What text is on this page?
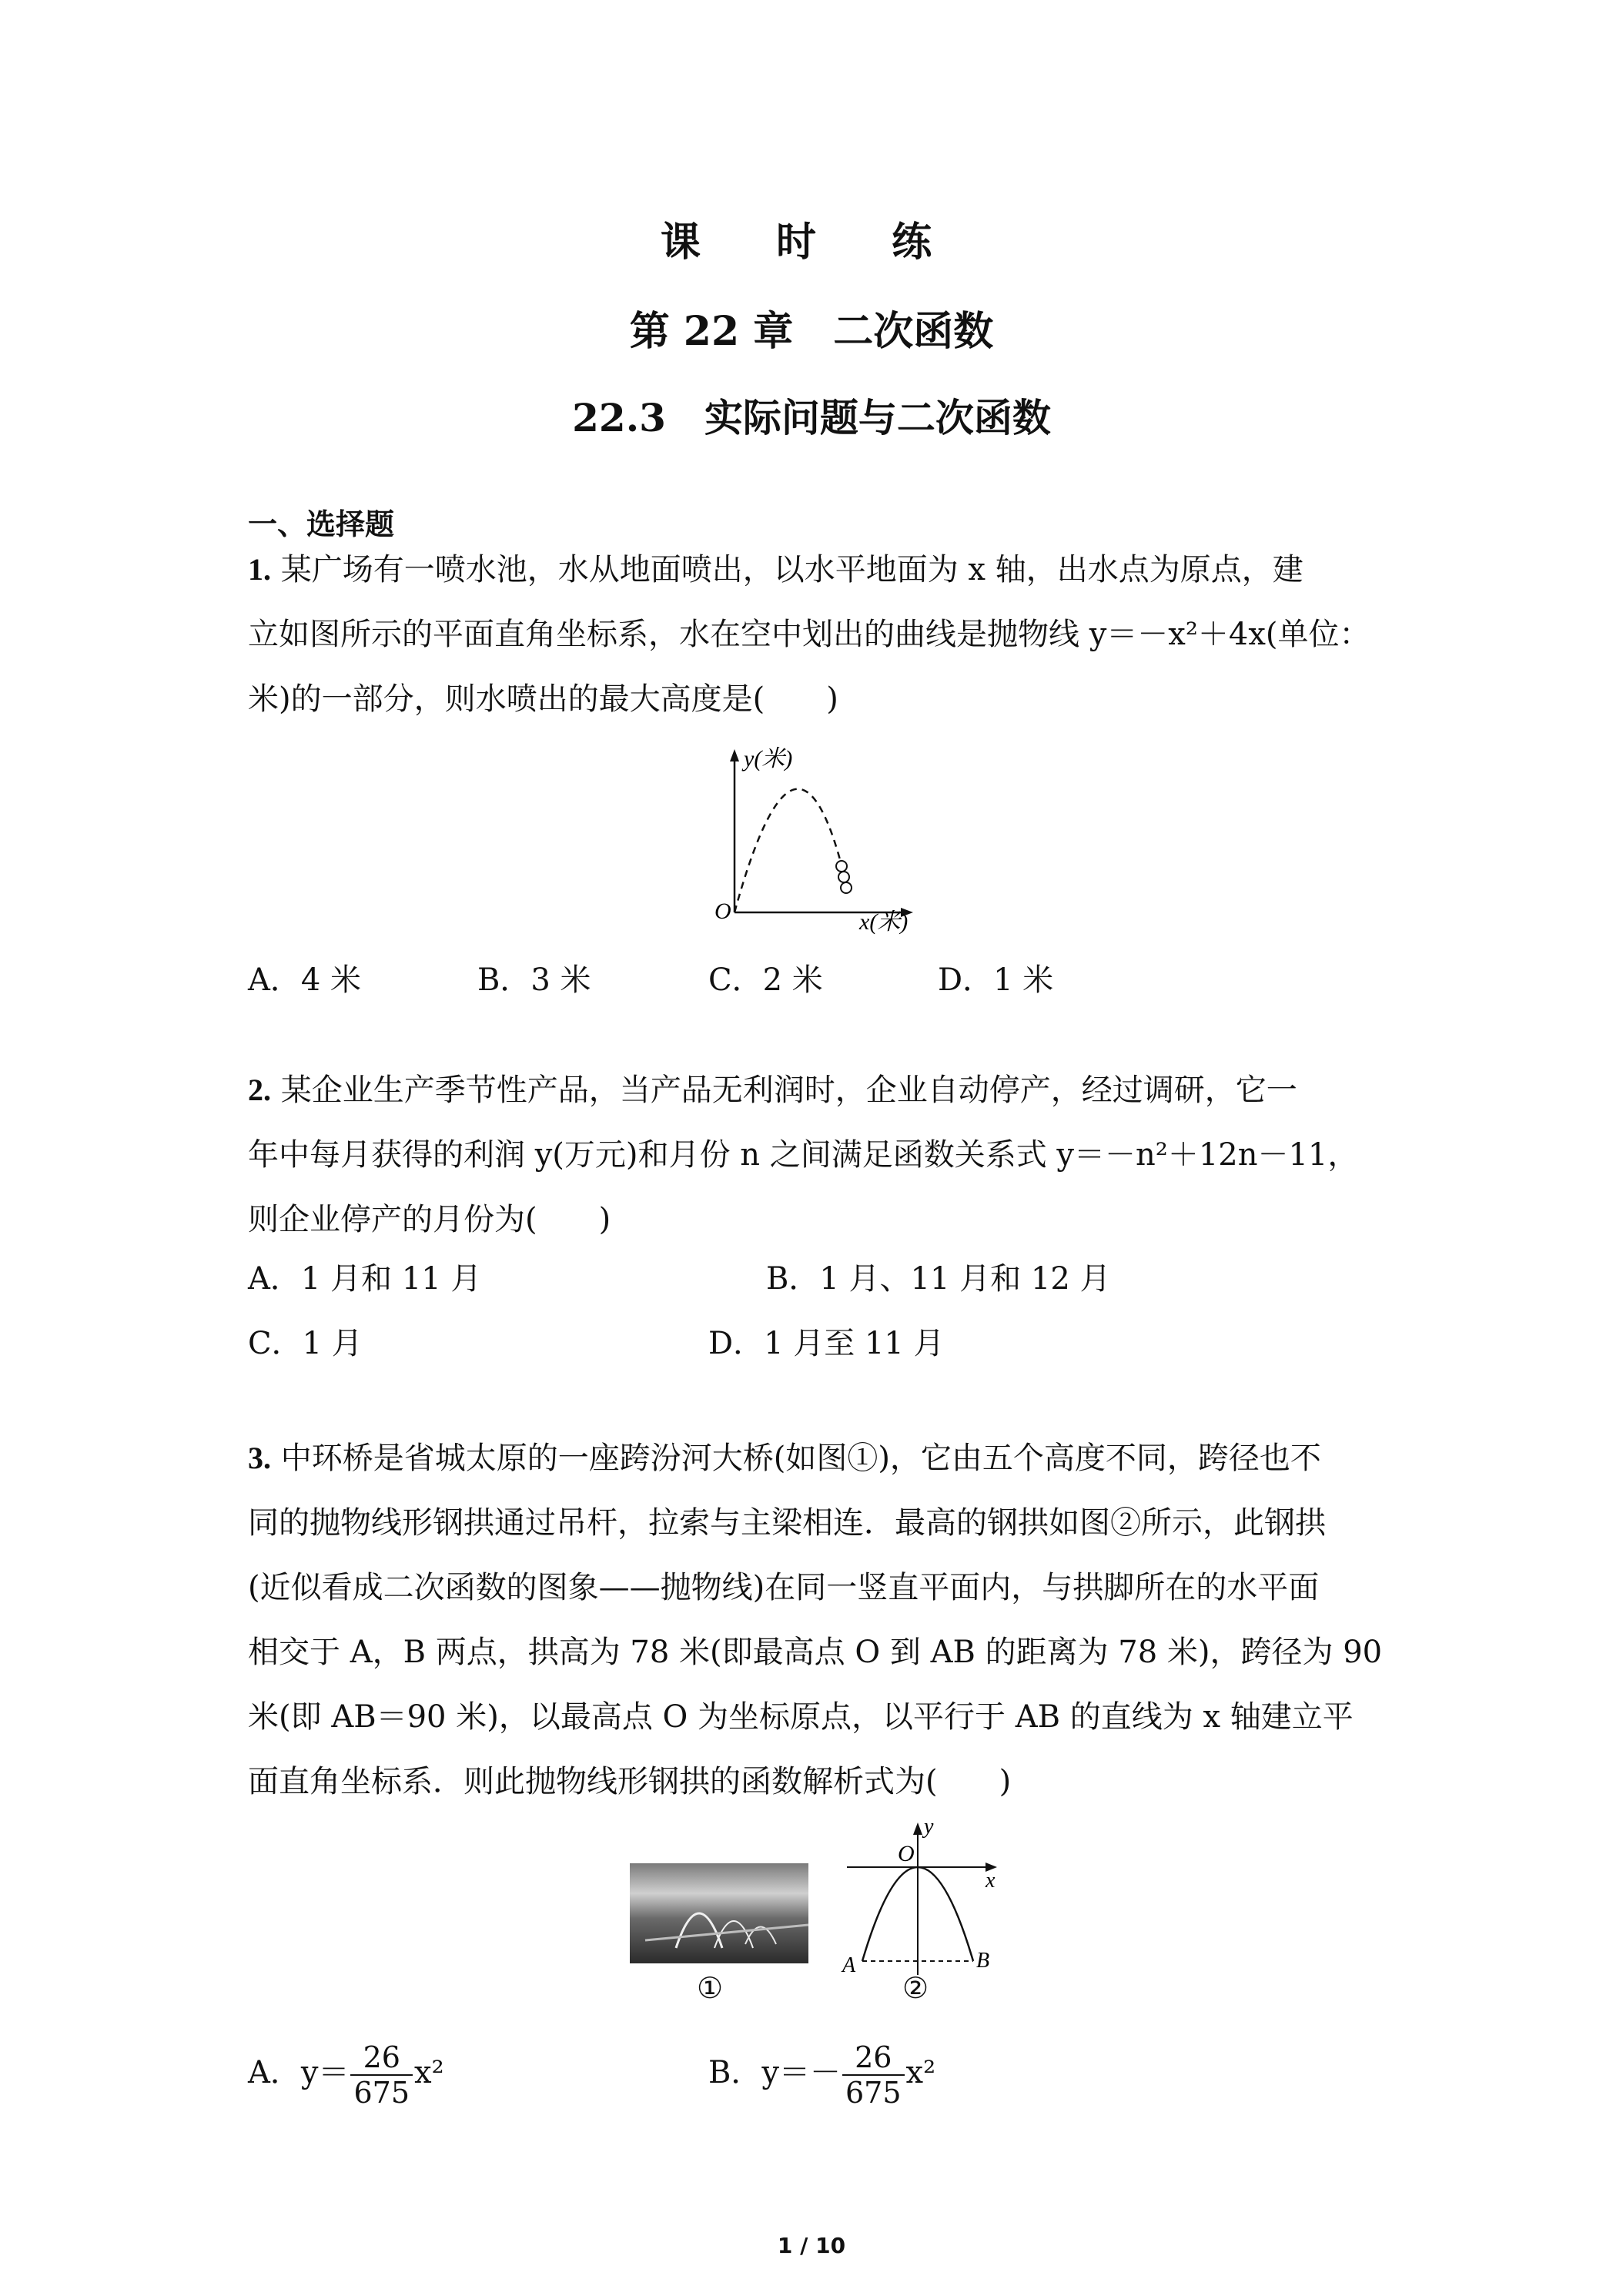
课 时 练
第 22 章　二次函数
22.3　实际问题与二次函数
一、选择题
1. 某广场有一喷水池，水从地面喷出，以水平地面为 x 轴，出水点为原点，建
立如图所示的平面直角坐标系，水在空中划出的曲线是抛物线 y＝－x²＋4x(单位：
米)的一部分，则水喷出的最大高度是(　　)
y(米)
O	x(米)
A．4 米	B．3 米	C．2 米	D．1 米
2. 某企业生产季节性产品，当产品无利润时，企业自动停产，经过调研，它一
年中每月获得的利润 y(万元)和月份 n 之间满足函数关系式 y＝－n²＋12n－11，
则企业停产的月份为(　　)
A．1 月和 11 月	B．1 月、11 月和 12 月
C．1 月	D．1 月至 11 月
3. 中环桥是省城太原的一座跨汾河大桥(如图①)，它由五个高度不同，跨径也不
同的抛物线形钢拱通过吊杆，拉索与主梁相连．最高的钢拱如图②所示，此钢拱
(近似看成二次函数的图象——抛物线)在同一竖直平面内，与拱脚所在的水平面
相交于 A，B 两点，拱高为 78 米(即最高点 O 到 AB 的距离为 78 米)，跨径为 90
米(即 AB＝90 米)，以最高点 O 为坐标原点，以平行于 AB 的直线为 x 轴建立平
面直角坐标系．则此抛物线形钢拱的函数解析式为(　　)
①
y
O
x
A	B
②
A．$y= \frac{26}{675} x^2$	B．$y=- \frac{26}{675} x^2$
1 / 10
